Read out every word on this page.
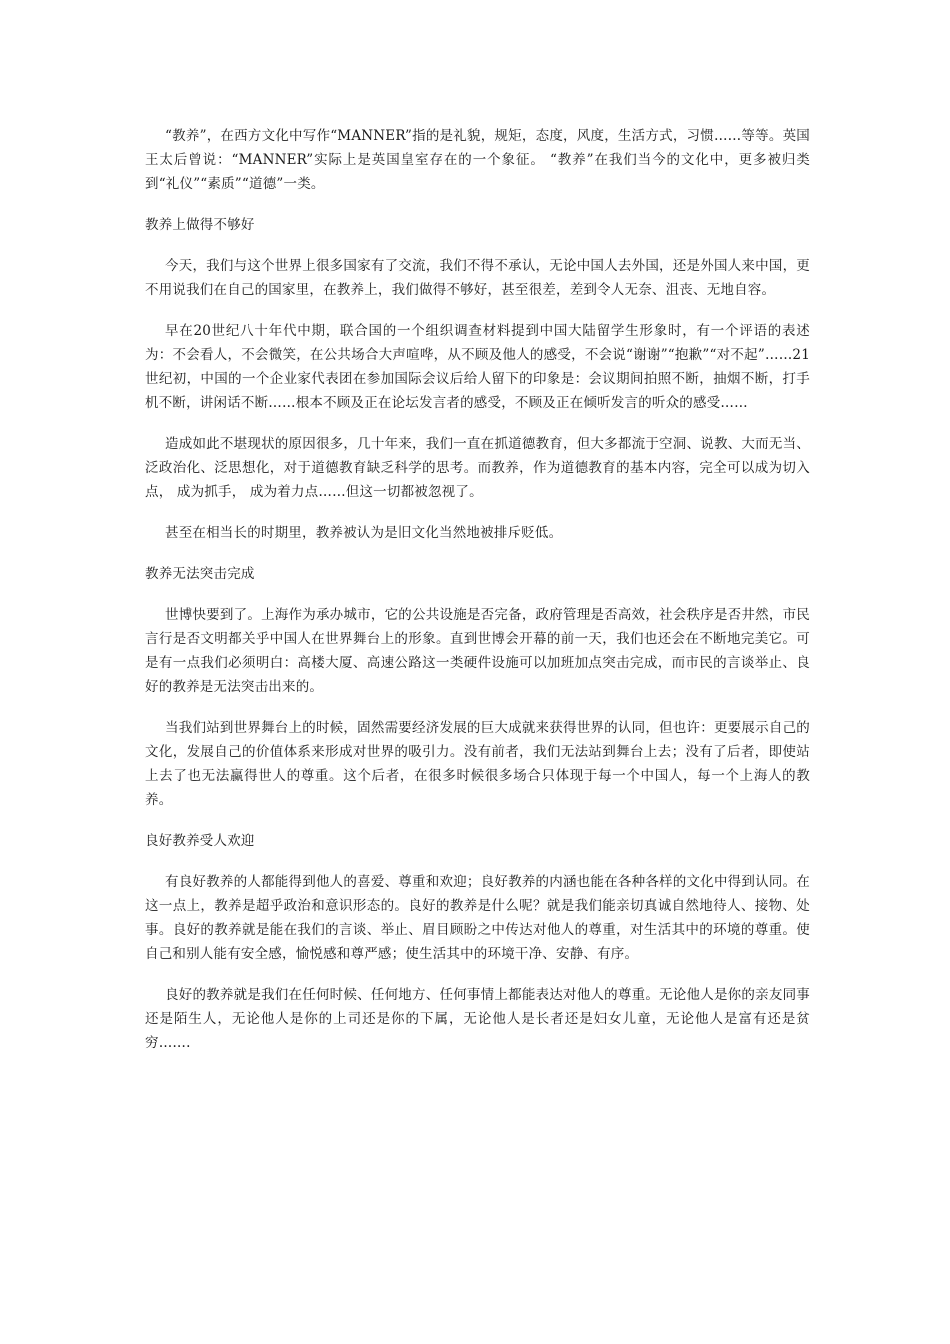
“教养”，在西方文化中写作“MANNER”指的是礼貌，规矩，态度，风度，生活方式，习惯……等等。英国王太后曾说：“MANNER”实际上是英国皇室存在的一个象征。 “教养”在我们当今的文化中，更多被归类到“礼仪”“素质”“道德”一类。

教养上做得不够好

今天，我们与这个世界上很多国家有了交流，我们不得不承认，无论中国人去外国，还是外国人来中国，更不用说我们在自己的国家里，在教养上，我们做得不够好，甚至很差，差到令人无奈、沮丧、无地自容。

早在20世纪八十年代中期，联合国的一个组织调查材料提到中国大陆留学生形象时，有一个评语的表述为：不会看人，不会微笑，在公共场合大声喧哗，从不顾及他人的感受，不会说“谢谢”“抱歉”“对不起”……21世纪初，中国的一个企业家代表团在参加国际会议后给人留下的印象是：会议期间拍照不断，抽烟不断，打手机不断，讲闲话不断……根本不顾及正在论坛发言者的感受，不顾及正在倾听发言的听众的感受……

造成如此不堪现状的原因很多，几十年来，我们一直在抓道德教育，但大多都流于空洞、说教、大而无当、泛政治化、泛思想化，对于道德教育缺乏科学的思考。而教养，作为道德教育的基本内容，完全可以成为切入点， 成为抓手， 成为着力点……但这一切都被忽视了。

甚至在相当长的时期里，教养被认为是旧文化当然地被排斥贬低。

教养无法突击完成

世博快要到了。上海作为承办城市，它的公共设施是否完备，政府管理是否高效，社会秩序是否井然，市民言行是否文明都关乎中国人在世界舞台上的形象。直到世博会开幕的前一天，我们也还会在不断地完美它。可是有一点我们必须明白：高楼大厦、高速公路这一类硬件设施可以加班加点突击完成，而市民的言谈举止、良好的教养是无法突击出来的。

当我们站到世界舞台上的时候，固然需要经济发展的巨大成就来获得世界的认同，但也许：更要展示自己的文化，发展自己的价值体系来形成对世界的吸引力。没有前者，我们无法站到舞台上去；没有了后者，即使站上去了也无法赢得世人的尊重。这个后者，在很多时候很多场合只体现于每一个中国人，每一个上海人的教养。

良好教养受人欢迎

有良好教养的人都能得到他人的喜爱、尊重和欢迎；良好教养的内涵也能在各种各样的文化中得到认同。在这一点上，教养是超乎政治和意识形态的。良好的教养是什么呢？就是我们能亲切真诚自然地待人、接物、处事。良好的教养就是能在我们的言谈、举止、眉目顾盼之中传达对他人的尊重，对生活其中的环境的尊重。使自己和别人能有安全感，愉悦感和尊严感；使生活其中的环境干净、安静、有序。

良好的教养就是我们在任何时候、任何地方、任何事情上都能表达对他人的尊重。无论他人是你的亲友同事还是陌生人，无论他人是你的上司还是你的下属，无论他人是长者还是妇女儿童，无论他人是富有还是贫穷…….
